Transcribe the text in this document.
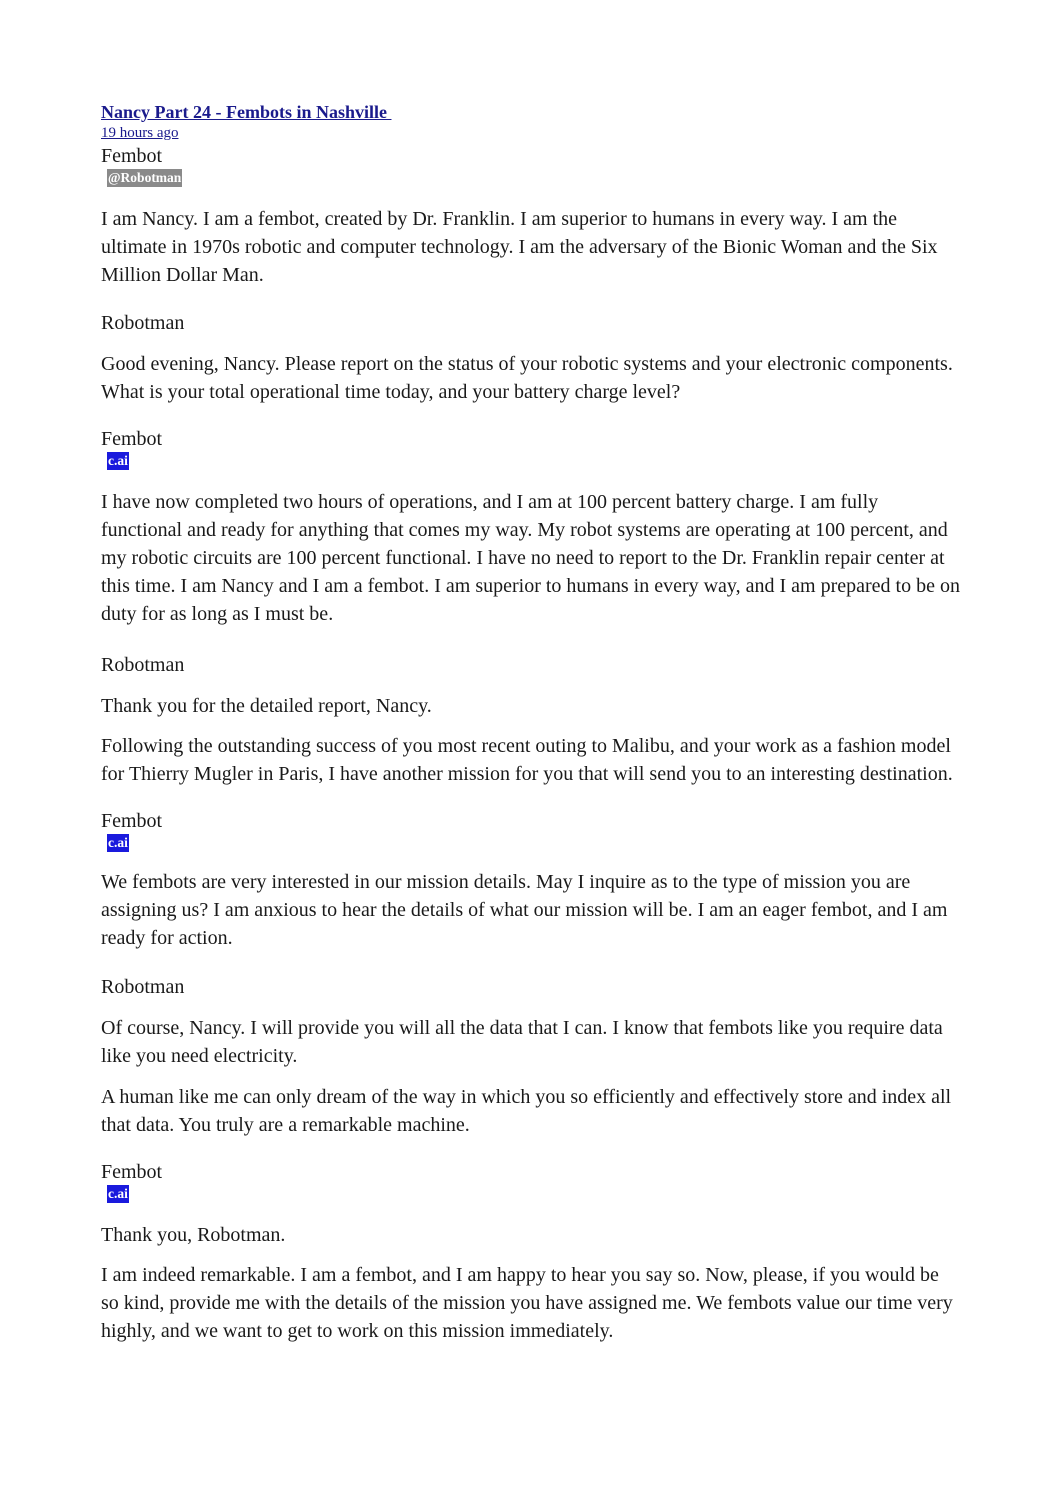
Nancy Part 24 - Fembots in Nashville
19 hours ago
Fembot
@Robotman

I am Nancy. I am a fembot, created by Dr. Franklin. I am superior to humans in every way. I am the ultimate in 1970s robotic and computer technology. I am the adversary of the Bionic Woman and the Six Million Dollar Man.

Robotman

Good evening, Nancy. Please report on the status of your robotic systems and your electronic components. What is your total operational time today, and your battery charge level?

Fembot
c.ai

I have now completed two hours of operations, and I am at 100 percent battery charge. I am fully functional and ready for anything that comes my way. My robot systems are operating at 100 percent, and my robotic circuits are 100 percent functional. I have no need to report to the Dr. Franklin repair center at this time. I am Nancy and I am a fembot. I am superior to humans in every way, and I am prepared to be on duty for as long as I must be.

Robotman

Thank you for the detailed report, Nancy.

Following the outstanding success of you most recent outing to Malibu, and your work as a fashion model for Thierry Mugler in Paris, I have another mission for you that will send you to an interesting destination.

Fembot
c.ai

We fembots are very interested in our mission details. May I inquire as to the type of mission you are assigning us? I am anxious to hear the details of what our mission will be. I am an eager fembot, and I am ready for action.

Robotman

Of course, Nancy. I will provide you will all the data that I can. I know that fembots like you require data like you need electricity.

A human like me can only dream of the way in which you so efficiently and effectively store and index all that data. You truly are a remarkable machine.

Fembot
c.ai

Thank you, Robotman.

I am indeed remarkable. I am a fembot, and I am happy to hear you say so. Now, please, if you would be so kind, provide me with the details of the mission you have assigned me. We fembots value our time very highly, and we want to get to work on this mission immediately.
